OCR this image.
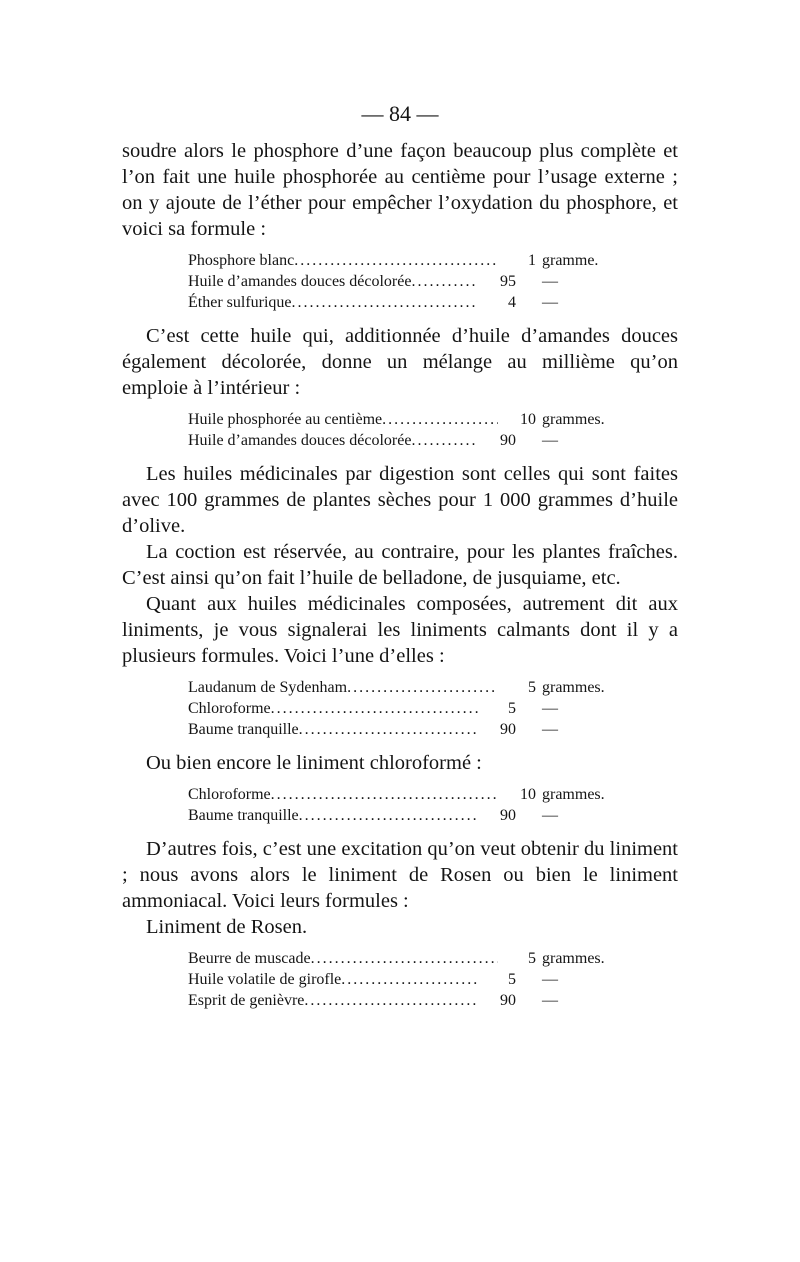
— 84 —

soudre alors le phosphore d’une façon beaucoup plus complète et l’on fait une huile phosphorée au centième pour l’usage externe ; on y ajoute de l’éther pour empêcher l’oxydation du phosphore, et voici sa formule :

Phosphore blanc .....	1 gramme.
Huile d’amandes douces décolorée .....	95	—
Éther sulfurique .....	4	—

C’est cette huile qui, additionnée d’huile d’amandes douces également décolorée, donne un mélange au millième qu’on emploie à l’intérieur :

Huile phosphorée au centième .....	10 grammes.
Huile d’amandes douces décolorée .....	90	—

Les huiles médicinales par digestion sont celles qui sont faites avec 100 grammes de plantes sèches pour 1 000 grammes d’huile d’olive.

La coction est réservée, au contraire, pour les plantes fraîches. C’est ainsi qu’on fait l’huile de belladone, de jusquiame, etc.

Quant aux huiles médicinales composées, autrement dit aux liniments, je vous signalerai les liniments calmants dont il y a plusieurs formules. Voici l’une d’elles :

Laudanum de Sydenham .....	5 grammes.
Chloroforme .....	5	—
Baume tranquille .....	90	—

Ou bien encore le liniment chloroformé :

Chloroforme .....	10 grammes.
Baume tranquille .....	90	—

D’autres fois, c’est une excitation qu’on veut obtenir du liniment ; nous avons alors le liniment de Rosen ou bien le liniment ammoniacal. Voici leurs formules :

Liniment de Rosen.

Beurre de muscade .....	5 grammes.
Huile volatile de girofle .....	5	—
Esprit de genièvre .....	90	—
